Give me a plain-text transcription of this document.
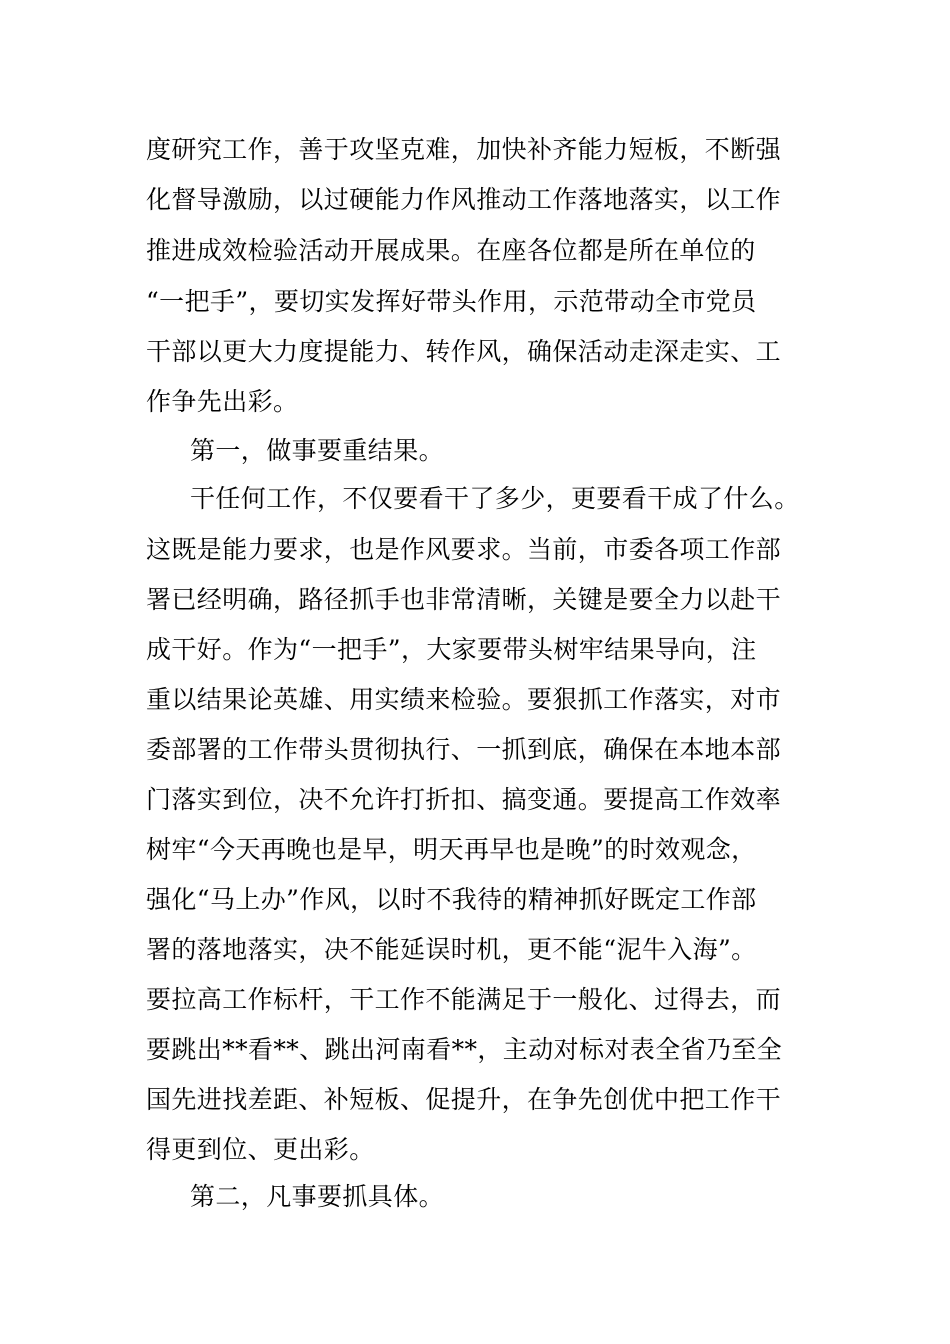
度研究工作，善于攻坚克难，加快补齐能力短板，不断强

化督导激励，以过硬能力作风推动工作落地落实，以工作

推进成效检验活动开展成果。在座各位都是所在单位的

“一把手”，要切实发挥好带头作用，示范带动全市党员

干部以更大力度提能力、转作风，确保活动走深走实、工

作争先出彩。

第一，做事要重结果。

干任何工作，不仅要看干了多少，更要看干成了什么。

这既是能力要求，也是作风要求。当前，市委各项工作部

署已经明确，路径抓手也非常清晰，关键是要全力以赴干

成干好。作为“一把手”，大家要带头树牢结果导向，注

重以结果论英雄、用实绩来检验。要狠抓工作落实，对市

委部署的工作带头贯彻执行、一抓到底，确保在本地本部

门落实到位，决不允许打折扣、搞变通。要提高工作效率

树牢“今天再晚也是早，明天再早也是晚”的时效观念，

强化“马上办”作风，以时不我待的精神抓好既定工作部

署的落地落实，决不能延误时机，更不能“泥牛入海”。

要拉高工作标杆，干工作不能满足于一般化、过得去，而

要跳出**看**、跳出河南看**，主动对标对表全省乃至全

国先进找差距、补短板、促提升，在争先创优中把工作干

得更到位、更出彩。

第二，凡事要抓具体。
